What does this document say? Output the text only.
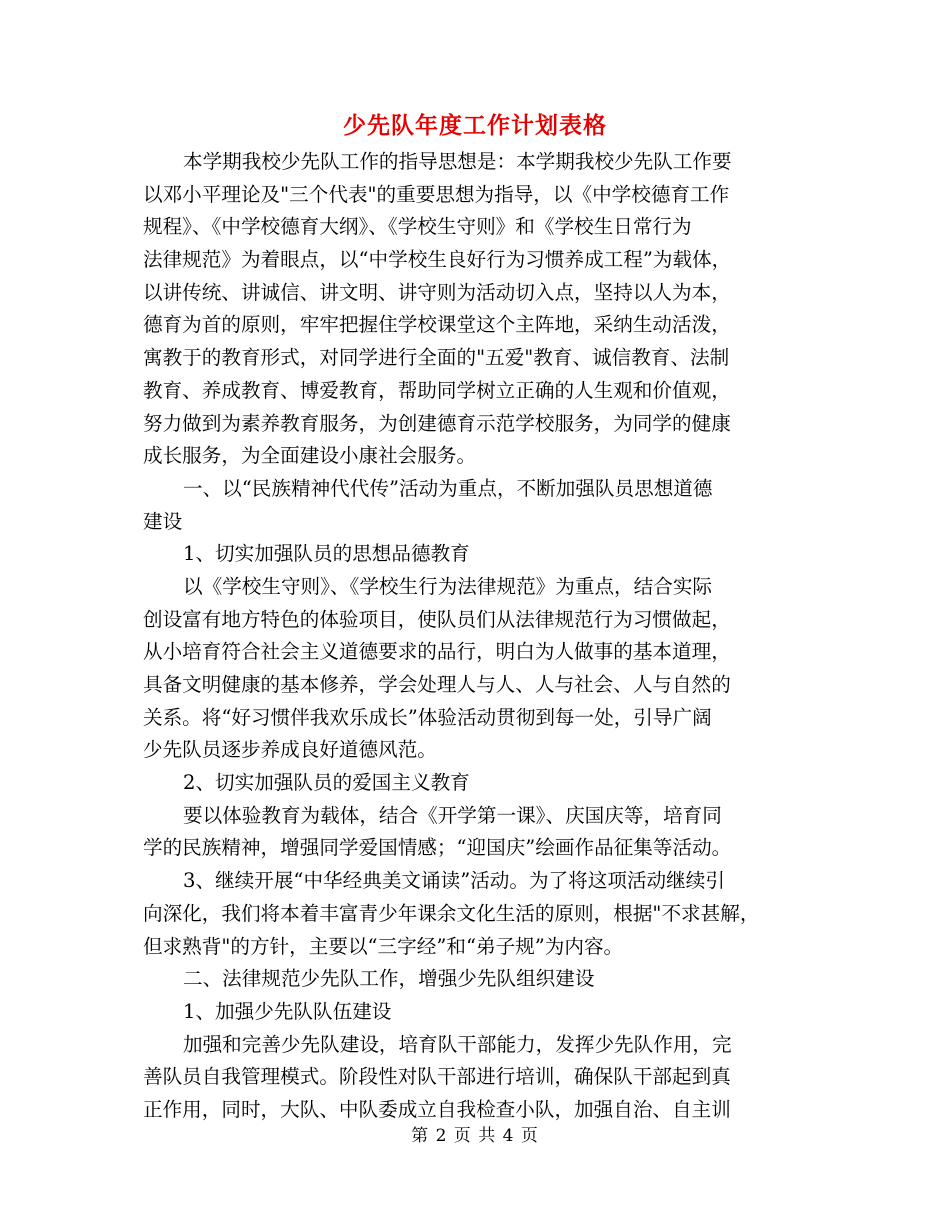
少先队年度工作计划表格
本学期我校少先队工作的指导思想是：本学期我校少先队工作要
以邓小平理论及"三个代表"的重要思想为指导，以《中学校德育工作
规程》、《中学校德育大纲》、《学校生守则》和《学校生日常行为
法律规范》为着眼点，以“中学校生良好行为习惯养成工程”为载体，
以讲传统、讲诚信、讲文明、讲守则为活动切入点，坚持以人为本，
德育为首的原则，牢牢把握住学校课堂这个主阵地，采纳生动活泼，
寓教于的教育形式，对同学进行全面的"五爱"教育、诚信教育、法制
教育、养成教育、博爱教育，帮助同学树立正确的人生观和价值观，
努力做到为素养教育服务，为创建德育示范学校服务，为同学的健康
成长服务，为全面建设小康社会服务。
一、以“民族精神代代传”活动为重点，不断加强队员思想道德
建设
1、切实加强队员的思想品德教育
以《学校生守则》、《学校生行为法律规范》为重点，结合实际
创设富有地方特色的体验项目，使队员们从法律规范行为习惯做起，
从小培育符合社会主义道德要求的品行，明白为人做事的基本道理，
具备文明健康的基本修养，学会处理人与人、人与社会、人与自然的
关系。将“好习惯伴我欢乐成长”体验活动贯彻到每一处，引导广阔
少先队员逐步养成良好道德风范。
2、切实加强队员的爱国主义教育
要以体验教育为载体，结合《开学第一课》、庆国庆等，培育同
学的民族精神，增强同学爱国情感；“迎国庆”绘画作品征集等活动。
3、继续开展“中华经典美文诵读”活动。为了将这项活动继续引
向深化，我们将本着丰富青少年课余文化生活的原则，根据"不求甚解，
但求熟背"的方针，主要以“三字经”和“弟子规”为内容。
二、法律规范少先队工作，增强少先队组织建设
1、加强少先队队伍建设
加强和完善少先队建设，培育队干部能力，发挥少先队作用，完
善队员自我管理模式。阶段性对队干部进行培训，确保队干部起到真
正作用，同时，大队、中队委成立自我检查小队，加强自治、自主训
第 2 页 共 4 页
